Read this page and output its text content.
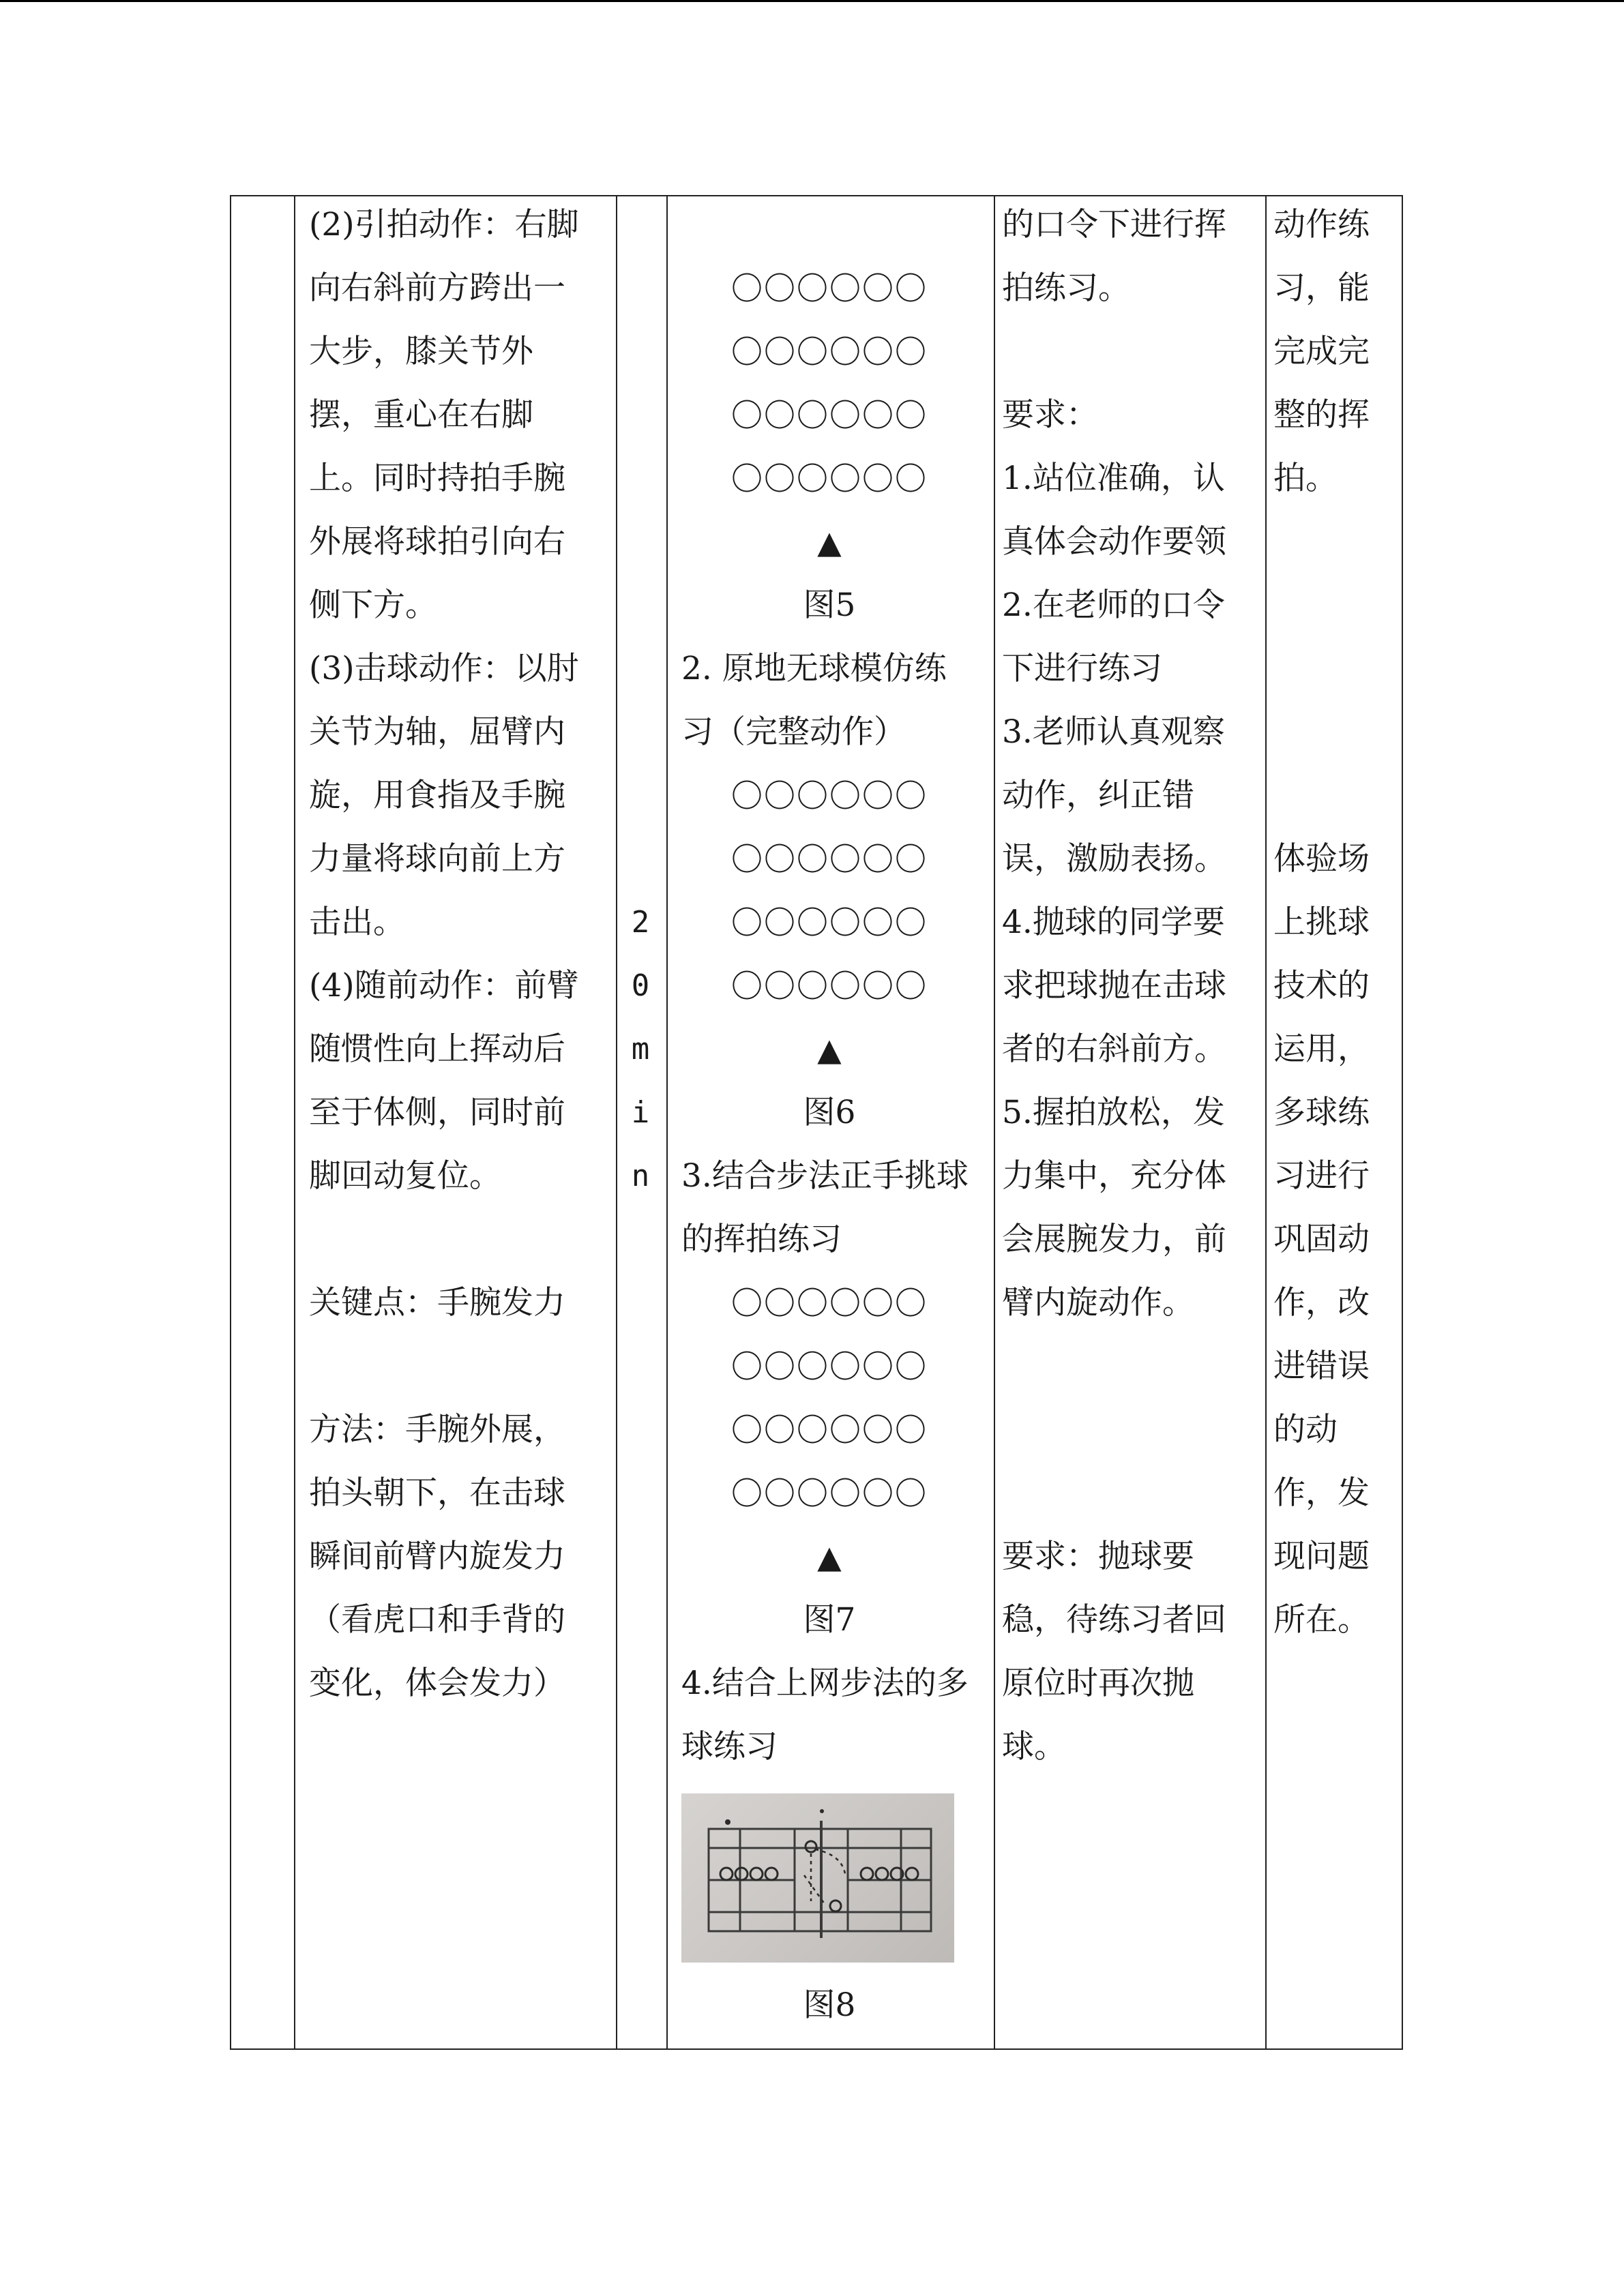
(2)引拍动作：右脚
向右斜前方跨出一
大步，膝关节外
摆，重心在右脚
上。同时持拍手腕
外展将球拍引向右
侧下方。
(3)击球动作：以肘
关节为轴，屈臂内
旋，用食指及手腕
力量将球向前上方
击出。
(4)随前动作：前臂
随惯性向上挥动后
至于体侧，同时前
脚回动复位。
关键点：手腕发力
方法：手腕外展，
拍头朝下，在击球
瞬间前臂内旋发力
（看虎口和手背的
变化，体会发力）

2
0
m
i
n

〇〇〇〇〇〇
〇〇〇〇〇〇
〇〇〇〇〇〇
〇〇〇〇〇〇
▲
图5
2. 原地无球模仿练
习（完整动作）
〇〇〇〇〇〇
〇〇〇〇〇〇
〇〇〇〇〇〇
〇〇〇〇〇〇
▲
图6
3.结合步法正手挑球
的挥拍练习
〇〇〇〇〇〇
〇〇〇〇〇〇
〇〇〇〇〇〇
〇〇〇〇〇〇
▲
图7
4.结合上网步法的多
球练习
图8

的口令下进行挥
拍练习。
要求：
1.站位准确，认
真体会动作要领
2.在老师的口令
下进行练习
3.老师认真观察
动作，纠正错
误，激励表扬。
4.抛球的同学要
求把球抛在击球
者的右斜前方。
5.握拍放松，发
力集中，充分体
会展腕发力，前
臂内旋动作。
要求：抛球要
稳，待练习者回
原位时再次抛
球。

动作练
习，能
完成完
整的挥
拍。
体验场
上挑球
技术的
运用，
多球练
习进行
巩固动
作，改
进错误
的动
作，发
现问题
所在。
